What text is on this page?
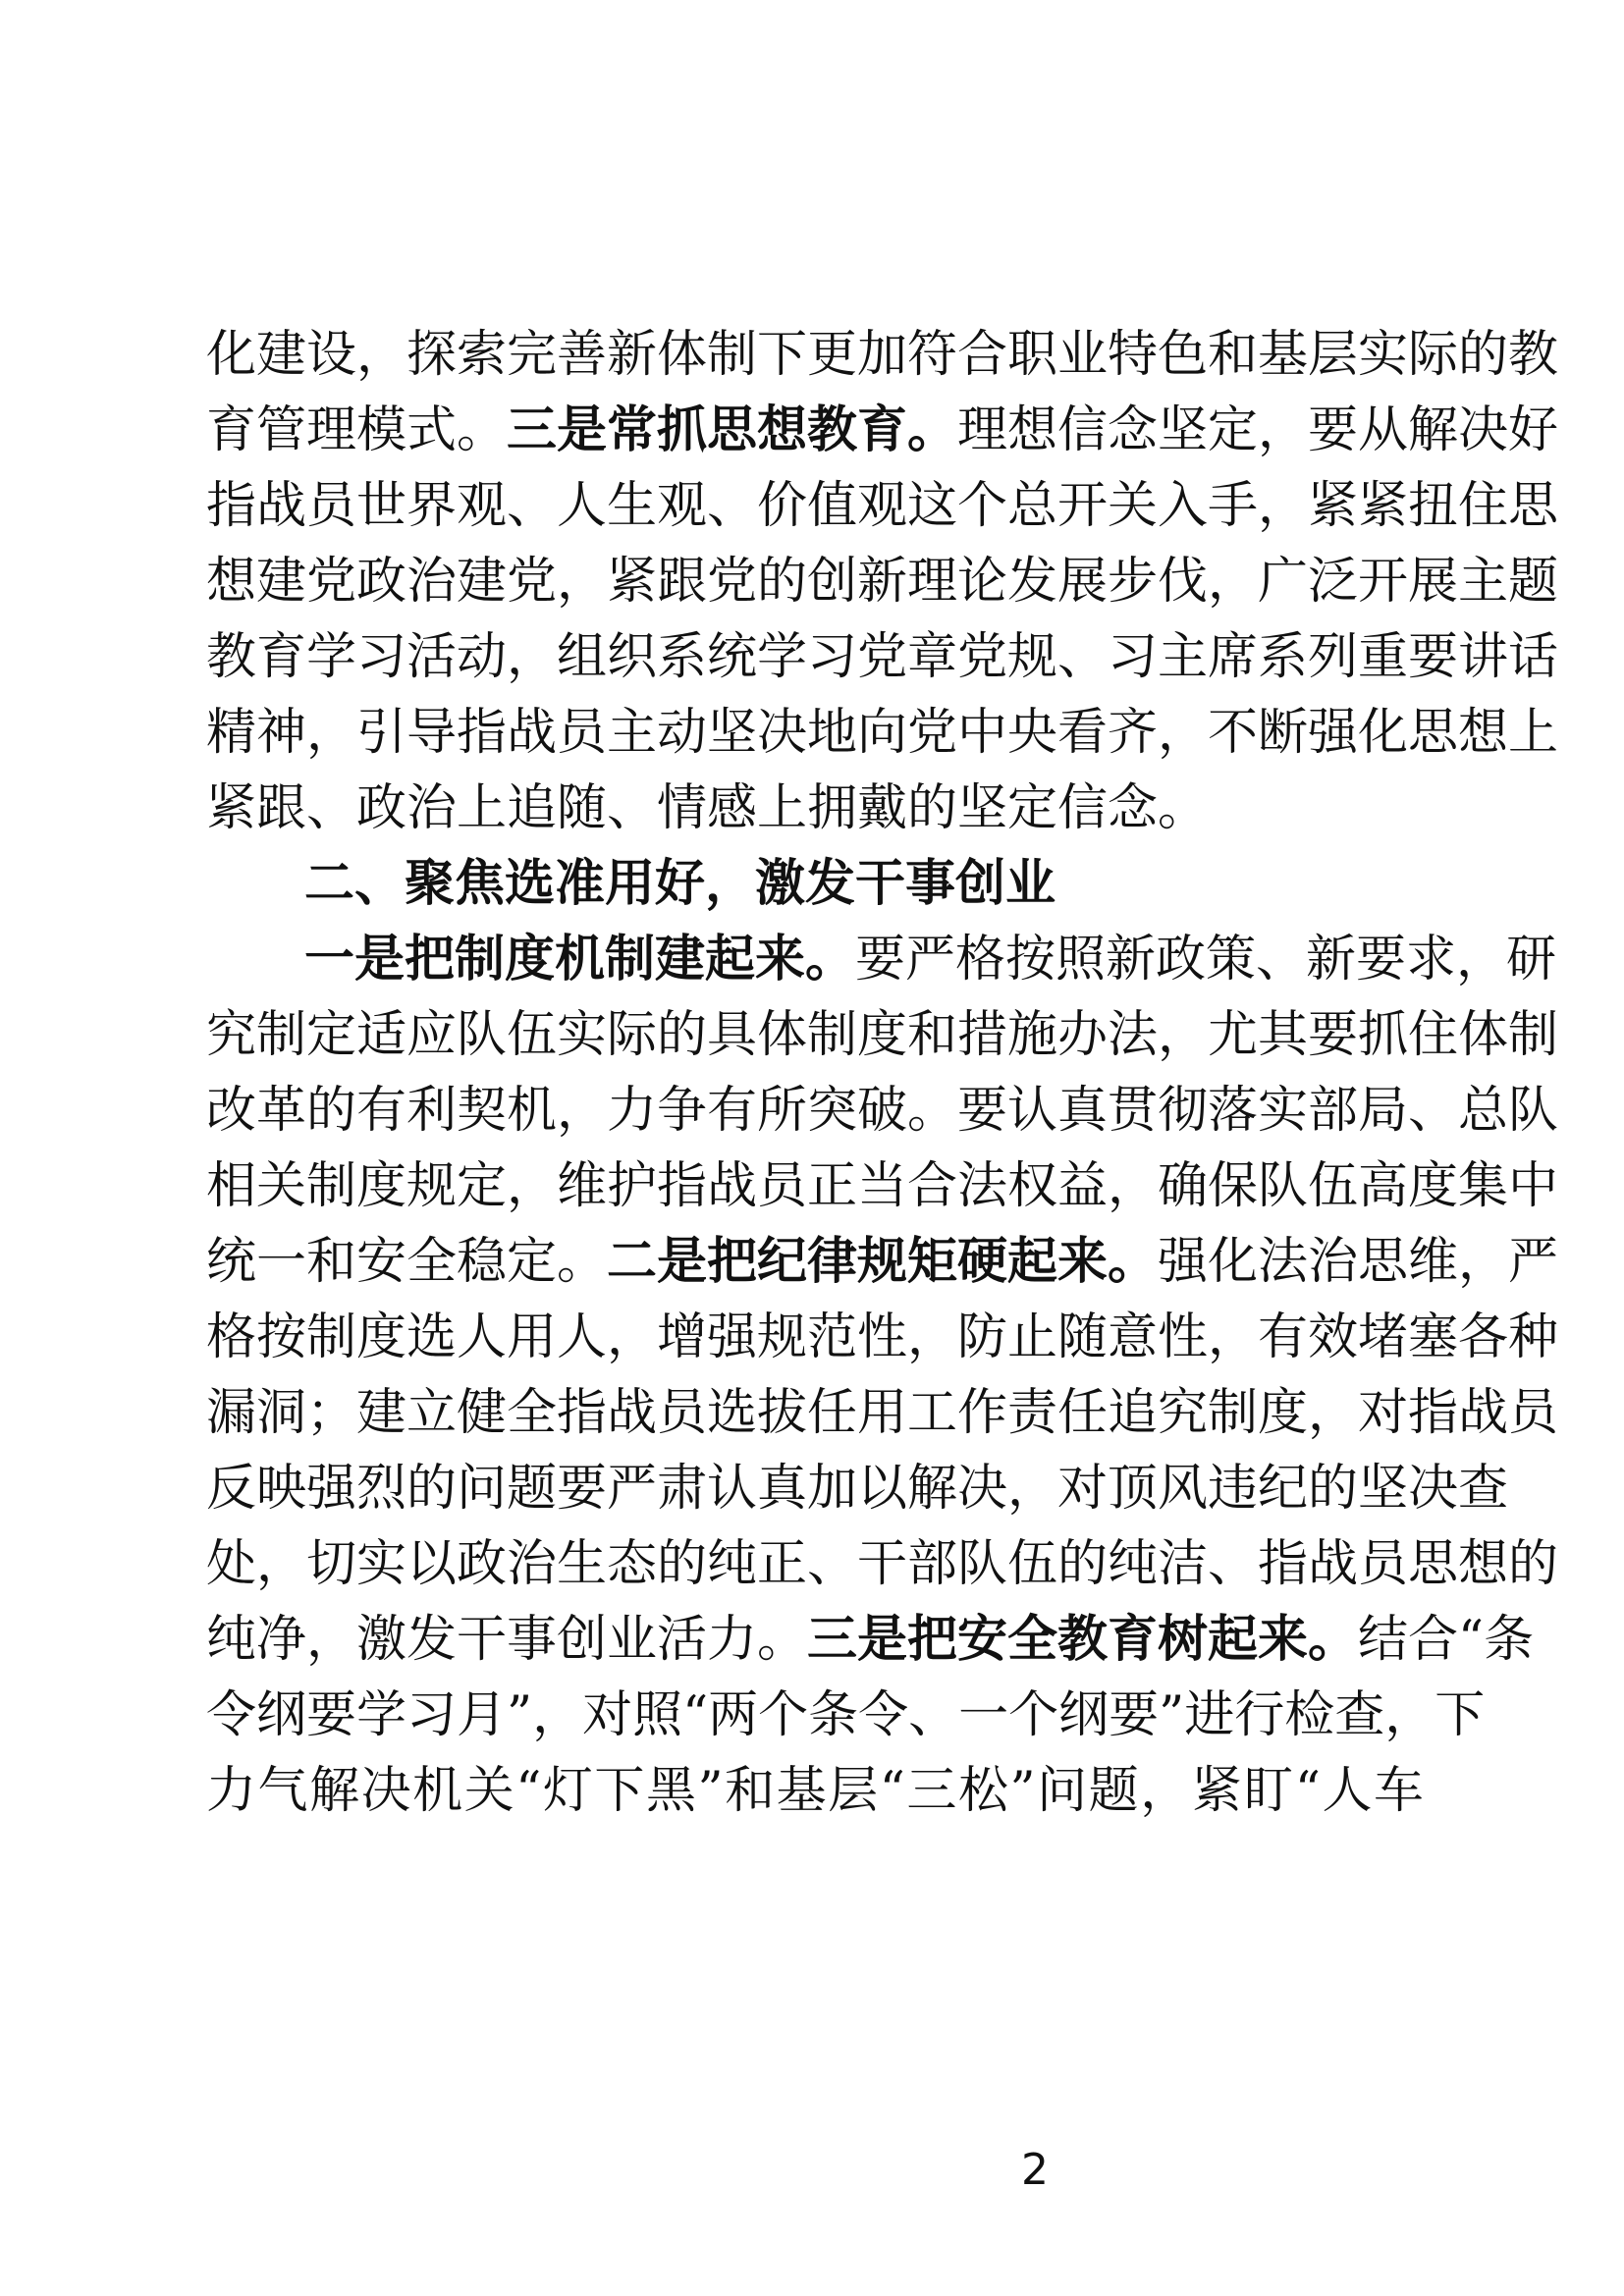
化建设，探索完善新体制下更加符合职业特色和基层实际的教
育管理模式。三是常抓思想教育。理想信念坚定，要从解决好
指战员世界观、人生观、价值观这个总开关入手，紧紧扭住思
想建党政治建党，紧跟党的创新理论发展步伐，广泛开展主题
教育学习活动，组织系统学习党章党规、习主席系列重要讲话
精神，引导指战员主动坚决地向党中央看齐，不断强化思想上
紧跟、政治上追随、情感上拥戴的坚定信念。
二、聚焦选准用好，激发干事创业
一是把制度机制建起来。要严格按照新政策、新要求，研
究制定适应队伍实际的具体制度和措施办法，尤其要抓住体制
改革的有利契机，力争有所突破。要认真贯彻落实部局、总队
相关制度规定，维护指战员正当合法权益，确保队伍高度集中
统一和安全稳定。二是把纪律规矩硬起来。强化法治思维，严
格按制度选人用人，增强规范性，防止随意性，有效堵塞各种
漏洞；建立健全指战员选拔任用工作责任追究制度，对指战员
反映强烈的问题要严肃认真加以解决，对顶风违纪的坚决查
处，切实以政治生态的纯正、干部队伍的纯洁、指战员思想的
纯净，激发干事创业活力。三是把安全教育树起来。结合“条
令纲要学习月”，对照“两个条令、一个纲要”进行检查，下
力气解决机关“灯下黑”和基层“三松”问题，紧盯“人车
2
